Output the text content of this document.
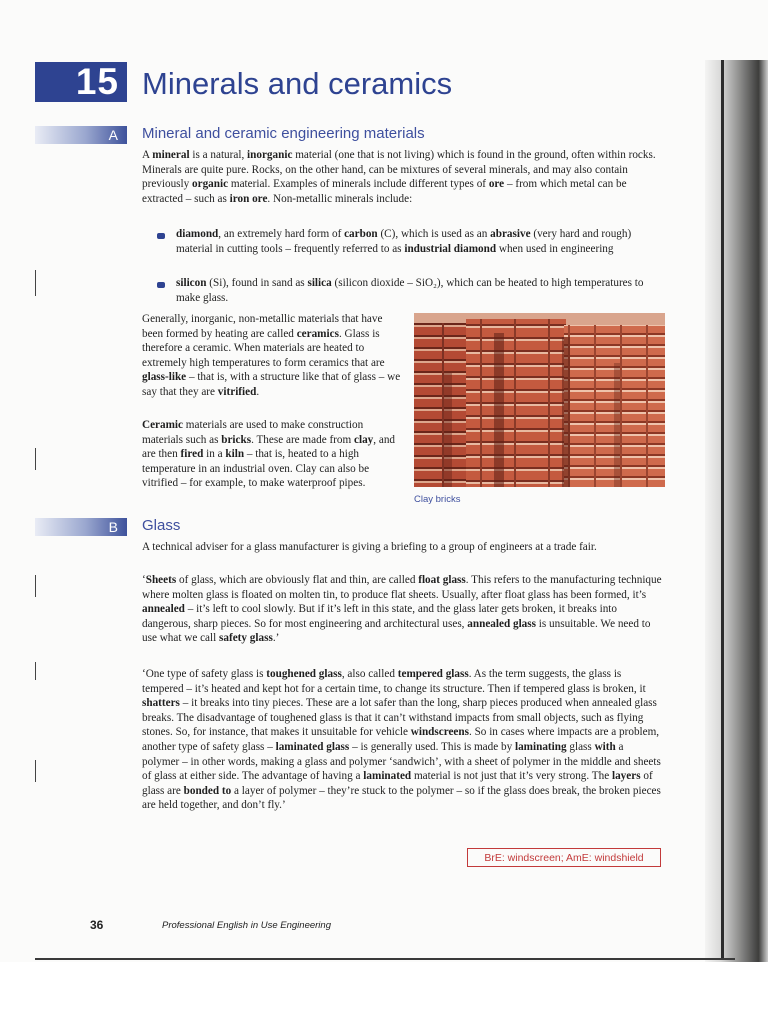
15 Minerals and ceramics
A	Mineral and ceramic engineering materials

A mineral is a natural, inorganic material (one that is not living) which is found in the ground, often within rocks. Minerals are quite pure. Rocks, on the other hand, can be mixtures of several minerals, and may also contain previously organic material. Examples of minerals include different types of ore – from which metal can be extracted – such as iron ore. Non-metallic minerals include:

diamond, an extremely hard form of carbon (C), which is used as an abrasive (very hard and rough) material in cutting tools – frequently referred to as industrial diamond when used in engineering

silicon (Si), found in sand as silica (silicon dioxide – SiO₂), which can be heated to high temperatures to make glass.

Generally, inorganic, non-metallic materials that have been formed by heating are called ceramics. Glass is therefore a ceramic. When materials are heated to extremely high temperatures to form ceramics that are glass-like – that is, with a structure like that of glass – we say that they are vitrified.

Ceramic materials are used to make construction materials such as bricks. These are made from clay, and are then fired in a kiln – that is, heated to a high temperature in an industrial oven. Clay can also be vitrified – for example, to make waterproof pipes.

Clay bricks
B	Glass

A technical adviser for a glass manufacturer is giving a briefing to a group of engineers at a trade fair.

‘Sheets of glass, which are obviously flat and thin, are called float glass. This refers to the manufacturing technique where molten glass is floated on molten tin, to produce flat sheets. Usually, after float glass has been formed, it’s annealed – it’s left to cool slowly. But if it’s left in this state, and the glass later gets broken, it breaks into dangerous, sharp pieces. So for most engineering and architectural uses, annealed glass is unsuitable. We need to use what we call safety glass.’

‘One type of safety glass is toughened glass, also called tempered glass. As the term suggests, the glass is tempered – it’s heated and kept hot for a certain time, to change its structure. Then if tempered glass is broken, it shatters – it breaks into tiny pieces. These are a lot safer than the long, sharp pieces produced when annealed glass breaks. The disadvantage of toughened glass is that it can’t withstand impacts from small objects, such as flying stones. So, for instance, that makes it unsuitable for vehicle windscreens. So in cases where impacts are a problem, another type of safety glass – laminated glass – is generally used. This is made by laminating glass with a polymer – in other words, making a glass and polymer ‘sandwich’, with a sheet of polymer in the middle and sheets of glass at either side. The advantage of having a laminated material is not just that it’s very strong. The layers of glass are bonded to a layer of polymer – they’re stuck to the polymer – so if the glass does break, the broken pieces are held together, and don’t fly.’

BrE: windscreen; AmE: windshield
36	Professional English in Use Engineering
